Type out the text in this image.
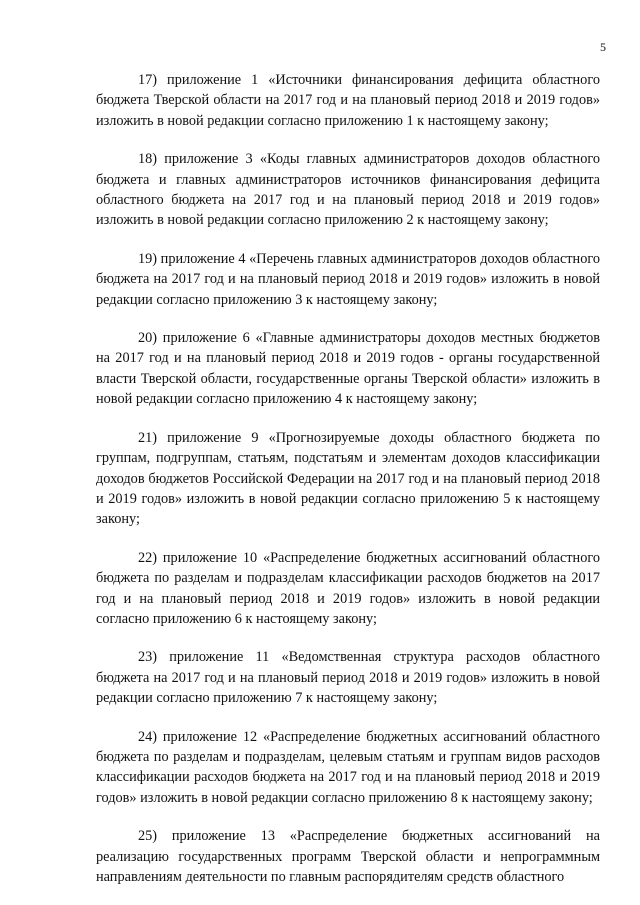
5

17) приложение 1 «Источники финансирования дефицита областного бюджета Тверской области на 2017 год и на плановый период 2018 и 2019 годов» изложить в новой редакции согласно приложению 1 к настоящему закону;

18) приложение 3 «Коды главных администраторов доходов областного бюджета и главных администраторов источников финансирования дефицита областного бюджета на 2017 год и на плановый период 2018 и 2019 годов» изложить в новой редакции согласно приложению 2 к настоящему закону;

19) приложение 4 «Перечень главных администраторов доходов областного бюджета на 2017 год и на плановый период 2018 и 2019 годов» изложить в новой редакции согласно приложению 3 к настоящему закону;

20) приложение 6 «Главные администраторы доходов местных бюджетов на 2017 год и на плановый период 2018 и 2019 годов - органы государственной власти Тверской области, государственные органы Тверской области» изложить в новой редакции согласно приложению 4 к настоящему закону;

21) приложение 9 «Прогнозируемые доходы областного бюджета по группам, подгруппам, статьям, подстатьям и элементам доходов классификации доходов бюджетов Российской Федерации на 2017 год и на плановый период 2018 и 2019 годов» изложить в новой редакции согласно приложению 5 к настоящему закону;

22) приложение 10 «Распределение бюджетных ассигнований областного бюджета по разделам и подразделам классификации расходов бюджетов на 2017 год и на плановый период 2018 и 2019 годов» изложить в новой редакции согласно приложению 6 к настоящему закону;

23) приложение 11 «Ведомственная структура расходов областного бюджета на 2017 год и на плановый период 2018 и 2019 годов» изложить в новой редакции согласно приложению 7 к настоящему закону;

24) приложение 12 «Распределение бюджетных ассигнований областного бюджета по разделам и подразделам, целевым статьям и группам видов расходов классификации расходов бюджета на 2017 год и на плановый период 2018 и 2019 годов» изложить в новой редакции согласно приложению 8 к настоящему закону;

25) приложение 13 «Распределение бюджетных ассигнований на реализацию государственных программ Тверской области и непрограммным направлениям деятельности по главным распорядителям средств областного
